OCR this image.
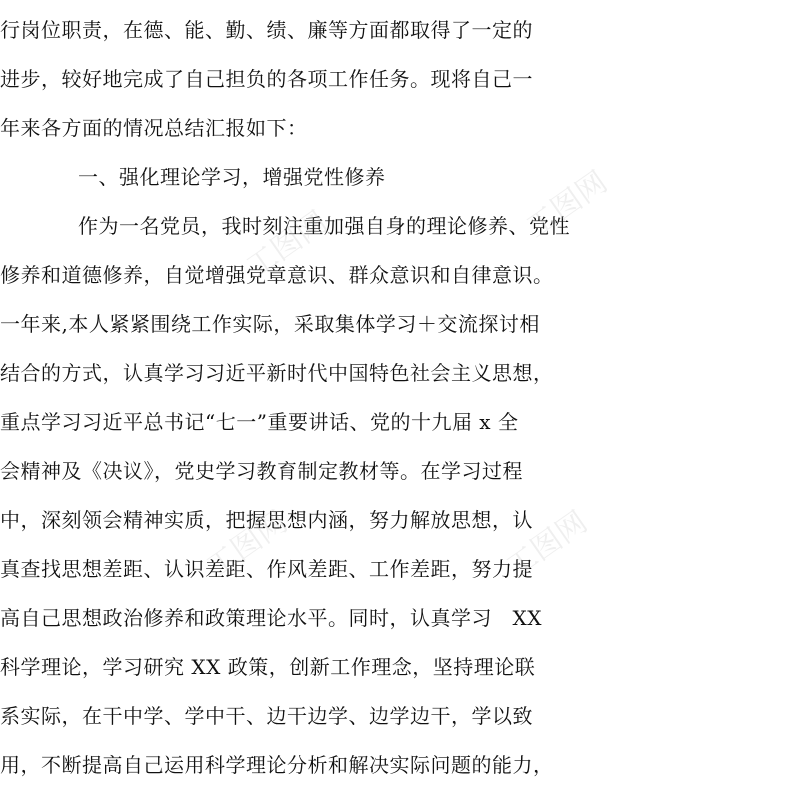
行岗位职责，在德、能、勤、绩、廉等方面都取得了一定的
进步，较好地完成了自己担负的各项工作任务。现将自己一
年来各方面的情况总结汇报如下：
一、强化理论学习，增强党性修养
作为一名党员，我时刻注重加强自身的理论修养、党性
修养和道德修养，自觉增强党章意识、群众意识和自律意识。
一年来,本人紧紧围绕工作实际，采取集体学习＋交流探讨相
结合的方式，认真学习习近平新时代中国特色社会主义思想，
重点学习习近平总书记“七一”重要讲话、党的十九届 x 全
会精神及《决议》，党史学习教育制定教材等。在学习过程
中，深刻领会精神实质，把握思想内涵，努力解放思想，认
真查找思想差距、认识差距、作风差距、工作差距，努力提
高自己思想政治修养和政策理论水平。同时，认真学习　XX
科学理论，学习研究 XX 政策，创新工作理念，坚持理论联
系实际，在干中学、学中干、边干边学、边学边干，学以致
用，不断提高自己运用科学理论分析和解决实际问题的能力，
工图网	工图网
工图网	工图网
